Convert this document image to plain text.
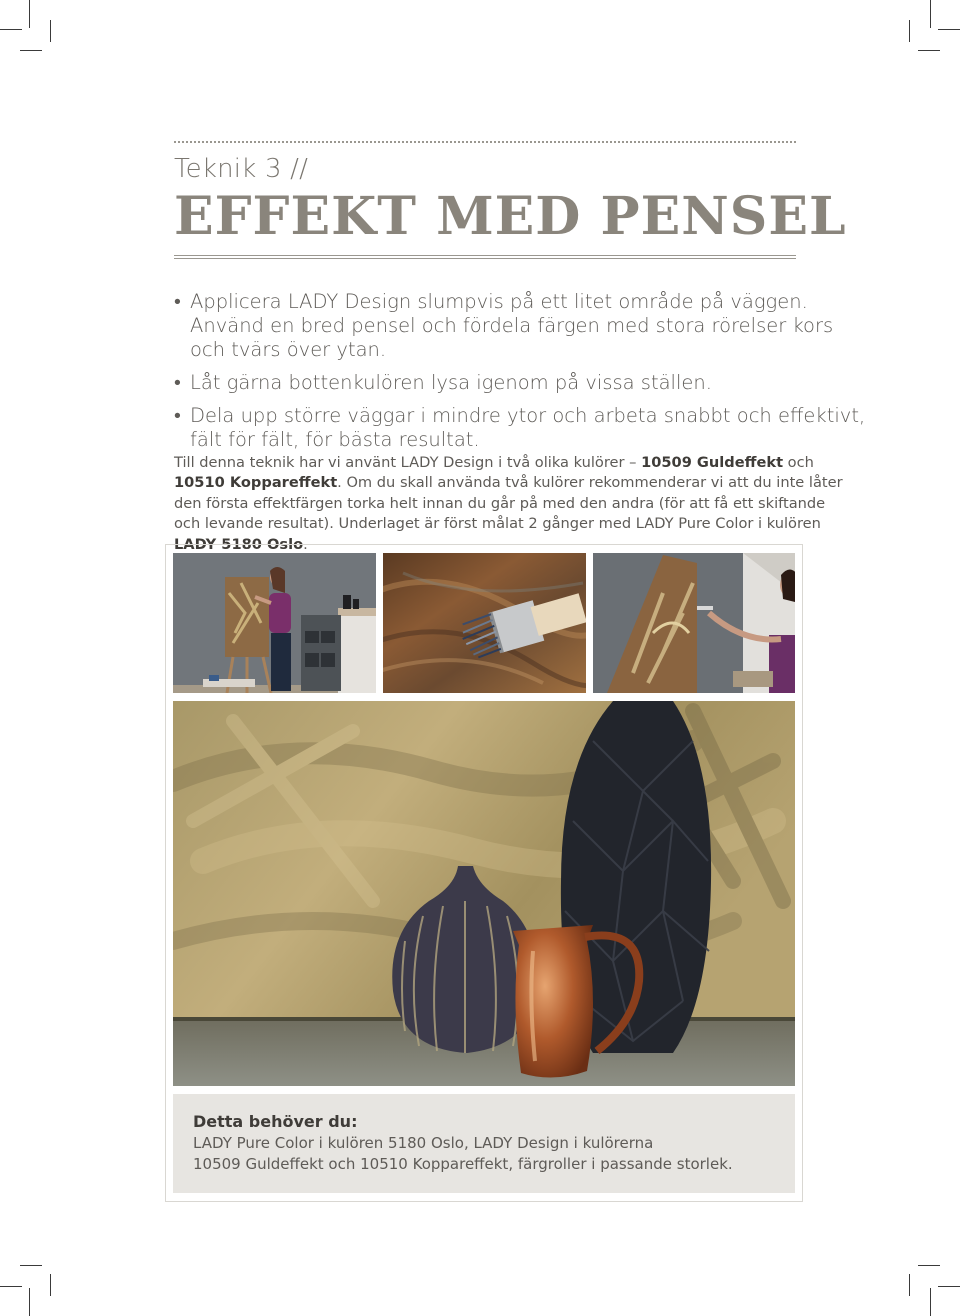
Teknik 3 //
EFFEKT MED PENSEL
• Applicera LADY Design slumpvis på ett litet område på väggen. Använd en bred pensel och fördela färgen med stora rörelser kors och tvärs över ytan.
• Låt gärna bottenkulören lysa igenom på vissa ställen.
• Dela upp större väggar i mindre ytor och arbeta snabbt och effektivt, fält för fält, för bästa resultat.
Till denna teknik har vi använt LADY Design i två olika kulörer – 10509 Guldeffekt och 10510 Koppareffekt. Om du skall använda två kulörer rekommenderar vi att du inte låter den första effektfärgen torka helt innan du går på med den andra (för att få ett skiftande och levande resultat). Underlaget är först målat 2 gånger med LADY Pure Color i kulören LADY 5180 Oslo.
Detta behöver du:

LADY Pure Color i kulören 5180 Oslo, LADY Design i kulörerna

10509 Guldeffekt och 10510 Koppareffekt, färgroller i passande storlek.
